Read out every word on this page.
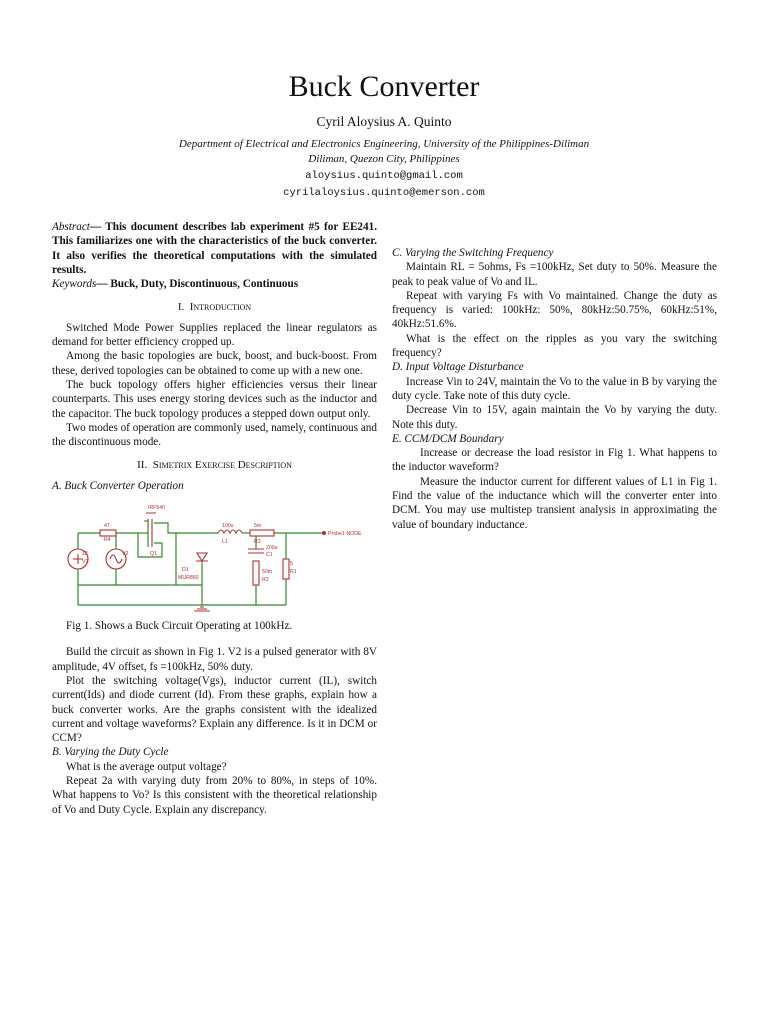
Buck Converter
Cyril Aloysius A. Quinto
Department of Electrical and Electronics Engineering, University of the Philippines-Diliman
Diliman, Quezon City, Philippines
aloysius.quinto@gmail.com
cyrilaloysius.quinto@emerson.com

Abstract— This document describes lab experiment #5 for EE241. This familiarizes one with the characteristics of the buck converter. It also verifies the theoretical computations with the simulated results.

Keywords— Buck, Duty, Discontinuous, Continuous

I. Introduction

Switched Mode Power Supplies replaced the linear regulators as demand for better efficiency cropped up.

Among the basic topologies are buck, boost, and buck-boost. From these, derived topologies can be obtained to come up with a new one.

The buck topology offers higher efficiencies versus their linear counterparts. This uses energy storing devices such as the inductor and the capacitor. The buck topology produces a stepped down output only.

Two modes of operation are commonly used, namely, continuous and the discontinuous mode.

II. Simetrix Exercise Description

A. Buck Converter Operation

47
R4
IRF540
Q1
V2
12
V1
D1
MUR860
100u
L1
5m
R3
200u
C1
50m
R2
5
R1
Probe1-NODE

Fig 1. Shows a Buck Circuit Operating at 100kHz.

Build the circuit as shown in Fig 1. V2 is a pulsed generator with 8V amplitude, 4V offset, fs =100kHz, 50% duty.

Plot the switching voltage(Vgs), inductor current (IL), switch current(Ids) and diode current (Id). From these graphs, explain how a buck converter works. Are the graphs consistent with the idealized current and voltage waveforms? Explain any difference. Is it in DCM or CCM?

B. Varying the Duty Cycle

What is the average output voltage?

Repeat 2a with varying duty from 20% to 80%, in steps of 10%. What happens to Vo? Is this consistent with the theoretical relationship of Vo and Duty Cycle. Explain any discrepancy.

C. Varying the Switching Frequency

Maintain RL = 5ohms, Fs =100kHz, Set duty to 50%. Measure the peak to peak value of Vo and IL.

Repeat with varying Fs with Vo maintained. Change the duty as frequency is varied: 100kHz: 50%, 80kHz:50.75%, 60kHz:51%, 40kHz:51.6%.

What is the effect on the ripples as you vary the switching frequency?

D. Input Voltage Disturbance

Increase Vin to 24V, maintain the Vo to the value in B by varying the duty cycle. Take note of this duty cycle.

Decrease Vin to 15V, again maintain the Vo by varying the duty. Note this duty.

E. CCM/DCM Boundary

Increase or decrease the load resistor in Fig 1. What happens to the inductor waveform?

Measure the inductor current for different values of L1 in Fig 1. Find the value of the inductance which will the converter enter into DCM. You may use multistep transient analysis in approximating the value of boundary inductance.
